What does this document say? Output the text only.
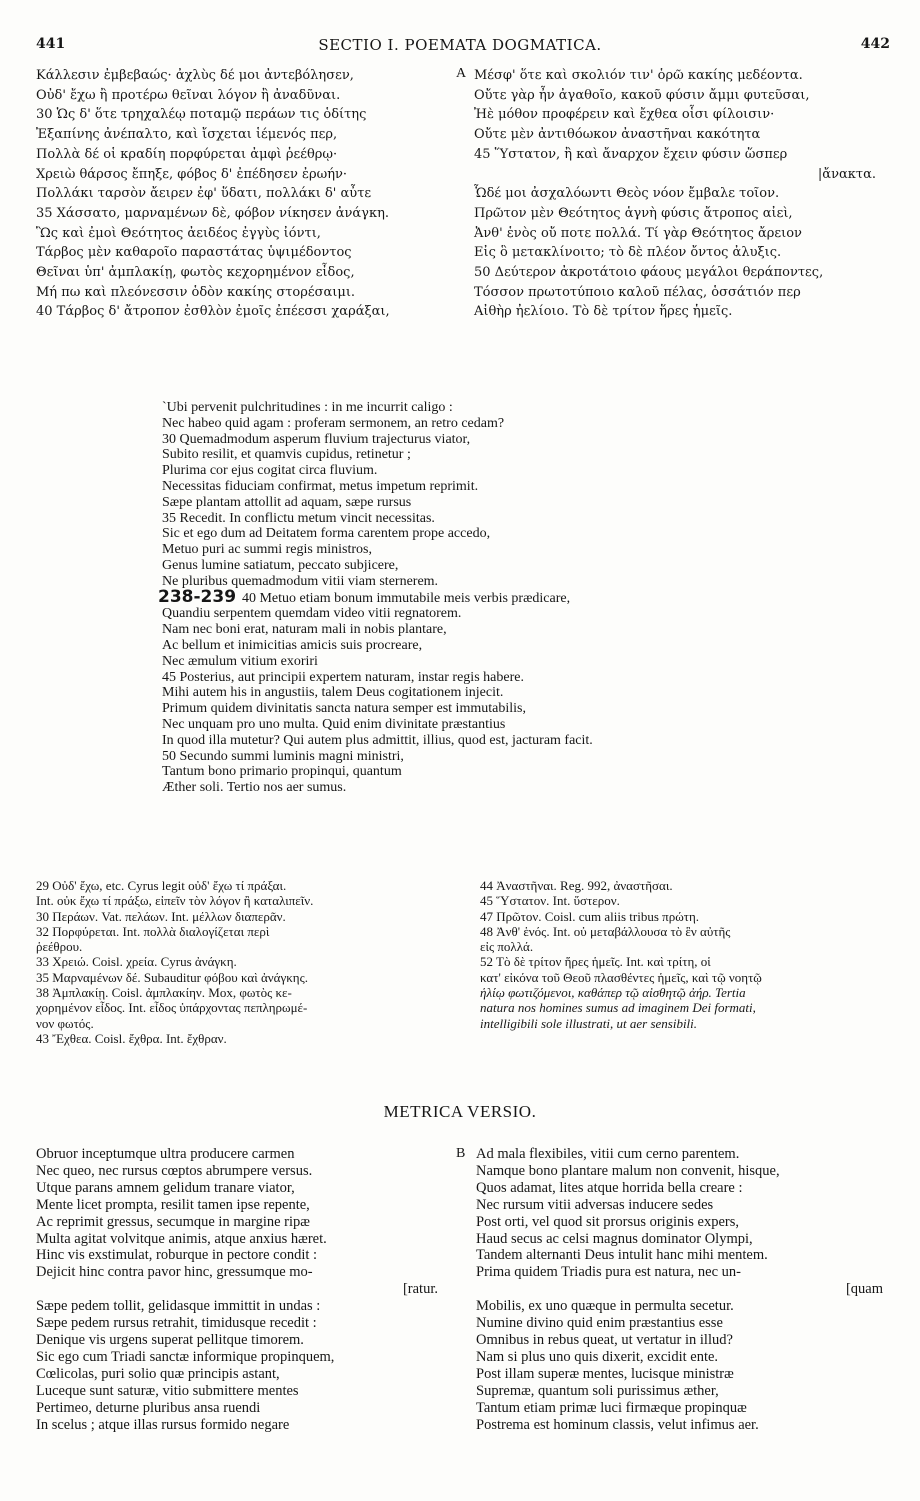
441	SECTIO I. POEMATA DOGMATICA.	442
Κάλλεσιν ἐμβεβαώς· ἀχλὺς δέ μοι ἀντεβόλησεν,
Οὐδ' ἔχω ἢ προτέρω θεῖναι λόγον ἢ ἀναδῦναι.
30 Ὡς δ' ὅτε τρηχαλέῳ ποταμῷ περάων τις ὁδίτης
Ἐξαπίνης ἀνέπαλτο, καὶ ἴσχεται ἱέμενός περ,
Πολλὰ δέ οἱ κραδίη πορφύρεται ἀμφὶ ῥεέθρῳ·
Χρειὼ θάρσος ἔπηξε, φόβος δ' ἐπέδησεν ἐρωήν·
Πολλάκι ταρσὸν ἄειρεν ἐφ' ὕδατι, πολλάκι δ' αὖτε
35 Χάσσατο, μαρναμένων δὲ, φόβον νίκησεν ἀνάγκη.
Ὣς καὶ ἐμοὶ Θεότητος ἀειδέος ἐγγὺς ἰόντι,
Τάρβος μὲν καθαροῖο παραστάτας ὑψιμέδοντος
Θεῖναι ὑπ' ἀμπλακίῃ, φωτὸς κεχορημένον εἶδος,
Μή πω καὶ πλεόνεσσιν ὁδὸν κακίης στορέσαιμι.
40 Τάρβος δ' ἄτροπον ἐσθλὸν ἐμοῖς ἐπέεσσι χαράξαι,
A Μέσφ' ὅτε καὶ σκολιόν τιν' ὁρῶ κακίης μεδέοντα.
Οὔτε γὰρ ἦν ἀγαθοῖο, κακοῦ φύσιν ἄμμι φυτεῦσαι,
Ἠὲ μόθον προφέρειν καὶ ἔχθεα οἷσι φίλοισιν·
Οὔτε μὲν ἀντιθόωκον ἀναστῆναι κακότητα
45 Ὕστατον, ἢ καὶ ἄναρχον ἔχειν φύσιν ὥσπερ
|ἄνακτα.
Ὧδέ μοι ἀσχαλόωντι Θεὸς νόον ἔμβαλε τοῖον.
Πρῶτον μὲν Θεότητος ἁγνὴ φύσις ἄτροπος αἰεὶ,
Ἀνθ' ἑνὸς οὔ ποτε πολλά. Τί γὰρ Θεότητος ἄρειον
Εἰς ὃ μετακλίνοιτο; τὸ δὲ πλέον ὄντος ἀλυξις.
50 Δεύτερον ἀκροτάτοιο φάους μεγάλοι θεράποντες,
Τόσσον πρωτοτύποιο καλοῦ πέλας, ὁσσάτιόν περ
Αἰθὴρ ἠελίοιο. Τὸ δὲ τρίτον ἥρες ἡμεῖς.
`Ubi pervenit pulchritudines : in me incurrit caligo :
Nec habeo quid agam : proferam sermonem, an retro cedam?
30 Quemadmodum asperum fluvium trajecturus viator,
Subito resilit, et quamvis cupidus, retinetur ;
Plurima cor ejus cogitat circa fluvium.
Necessitas fiduciam confirmat, metus impetum reprimit.
Sæpe plantam attollit ad aquam, sæpe rursus
35 Recedit. In conflictu metum vincit necessitas.
Sic et ego dum ad Deitatem forma carentem prope accedo,
Metuo puri ac summi regis ministros,
Genus lumine satiatum, peccato subjicere,
Ne pluribus quemadmodum vitii viam sternerem.
238-239 40 Metuo etiam bonum immutabile meis verbis prædicare,
Quandiu serpentem quemdam video vitii regnatorem.
Nam nec boni erat, naturam mali in nobis plantare,
Ac bellum et inimicitias amicis suis procreare,
Nec æmulum vitium exoriri
45 Posterius, aut principii expertem naturam, instar regis habere.
Mihi autem his in angustiis, talem Deus cogitationem injecit.
Primum quidem divinitatis sancta natura semper est immutabilis,
Nec unquam pro uno multa. Quid enim divinitate præstantius
In quod illa mutetur? Qui autem plus admittit, illius, quod est, jacturam facit.
50 Secundo summi luminis magni ministri,
Tantum bono primario propinqui, quantum
Æther soli. Tertio nos aer sumus.
29 Οὐδ' ἔχω, etc. Cyrus legit οὐδ' ἔχω τί πράξαι.
Int. οὐκ ἔχω τί πράξω, εἰπεῖν τὸν λόγον ἢ καταλιπεῖν.
30 Περάων. Vat. πελάων. Int. μέλλων διαπερᾶν.
32 Πορφύρεται. Int. πολλὰ διαλογίζεται περὶ
ῥεέθρου.
33 Χρειώ. Coisl. χρεία. Cyrus ἀνάγκη.
35 Μαρναμένων δέ. Subauditur φόβου καὶ ἀνάγκης.
38 Ἀμπλακίῃ. Coisl. ἀμπλακίην. Mox, φωτὸς κε-
χορημένον εἶδος. Int. εἶδος ὑπάρχοντας πεπληρωμέ-
νον φωτός.
43 Ἔχθεα. Coisl. ἔχθρα. Int. ἔχθραν.
44 Ἀναστῆναι. Reg. 992, ἀναστῆσαι.
45 Ὕστατον. Int. ὕστερον.
47 Πρῶτον. Coisl. cum aliis tribus πρώτη.
48 Ἀνθ' ἑνός. Int. οὐ μεταβάλλουσα τὸ ἓν αὐτῆς
εἰς πολλά.
52 Τὸ δὲ τρίτον ἥρες ἡμεῖς. Int. καὶ τρίτη, οἱ
κατ' εἰκόνα τοῦ Θεοῦ πλασθέντες ἡμεῖς, καὶ τῷ νοητῷ
ἡλίῳ φωτιζόμενοι, καθάπερ τῷ αἰσθητῷ ἀήρ. Tertia
natura nos homines sumus ad imaginem Dei formati,
intelligibili sole illustrati, ut aer sensibili.
METRICA VERSIO.
Obruor inceptumque ultra producere carmen
Nec queo, nec rursus cœptos abrumpere versus.
Utque parans amnem gelidum tranare viator,
Mente licet prompta, resilit tamen ipse repente,
Ac reprimit gressus, secumque in margine ripæ
Multa agitat volvitque animis, atque anxius hæret.
Hinc vis exstimulat, roburque in pectore condit :
Dejicit hinc contra pavor hinc, gressumque mo-
[ratur.
Sæpe pedem tollit, gelidasque immittit in undas :
Sæpe pedem rursus retrahit, timidusque recedit :
Denique vis urgens superat pellitque timorem.
Sic ego cum Triadi sanctæ informique propinquem,
Cœlicolas, puri solio quæ principis astant,
Luceque sunt saturæ, vitio submittere mentes
Pertimeo, deturne pluribus ansa ruendi
In scelus ; atque illas rursus formido negare
B Ad mala flexibiles, vitii cum cerno parentem.
Namque bono plantare malum non convenit, hisque,
Quos adamat, lites atque horrida bella creare :
Nec rursum vitii adversas inducere sedes
Post orti, vel quod sit prorsus originis expers,
Haud secus ac celsi magnus dominator Olympi,
Tandem alternanti Deus intulit hanc mihi mentem.
Prima quidem Triadis pura est natura, nec un-
[quam
Mobilis, ex uno quæque in permulta secetur.
Numine divino quid enim præstantius esse
Omnibus in rebus queat, ut vertatur in illud?
Nam si plus uno quis dixerit, excidit ente.
Post illam superæ mentes, lucisque ministræ
Supremæ, quantum soli purissimus æther,
Tantum etiam primæ luci firmæque propinquæ
Postrema est hominum classis, velut infimus aer.
